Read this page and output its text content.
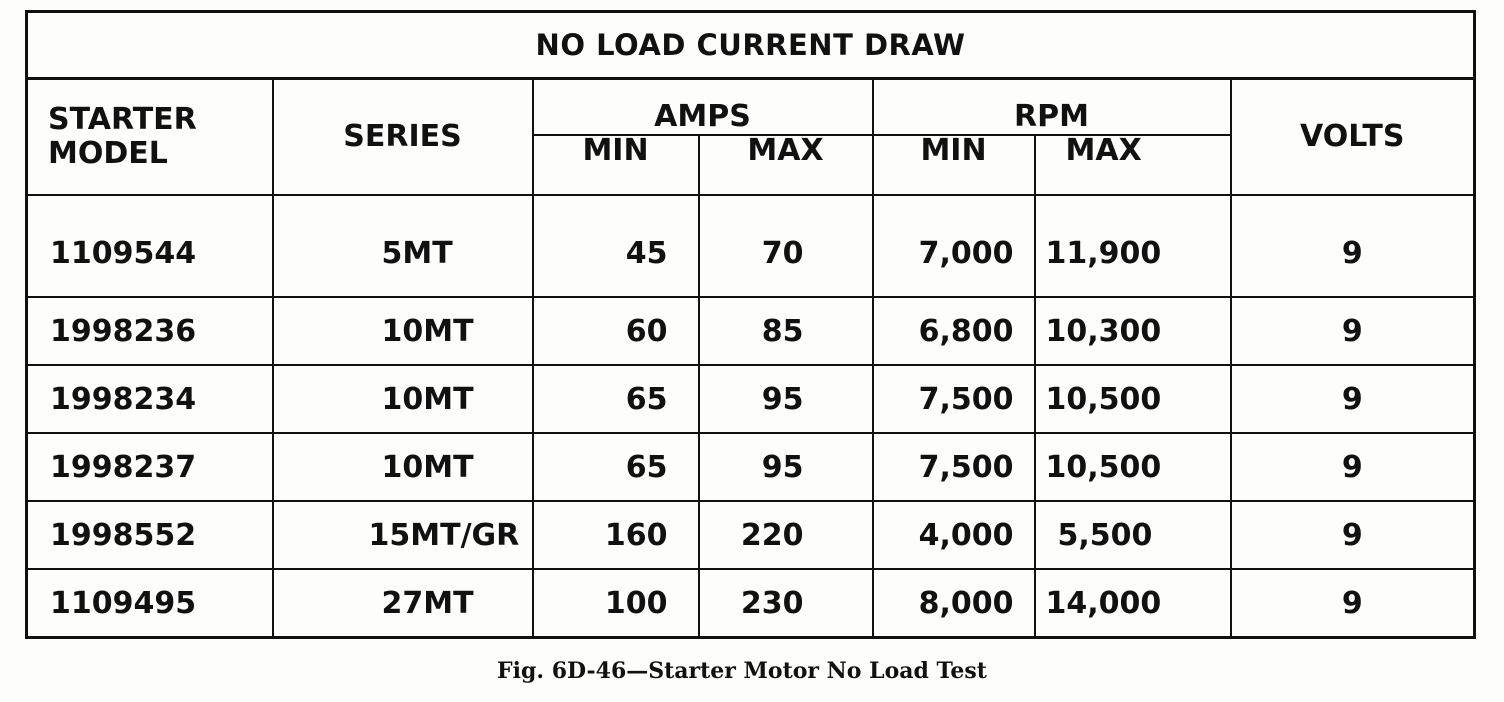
NO LOAD CURRENT DRAW						

STARTER
MODEL	SERIES	AMPS		RPM		VOLTS
		MIN	MAX	MIN	MAX	
1109544	5MT	45	70	7,000	11,900	9
1998236	10MT	60	85	6,800	10,300	9
1998234	10MT	65	95	7,500	10,500	9
1998237	10MT	65	95	7,500	10,500	9
1998552	15MT/GR	160	220	4,000	5,500	9
1109495	27MT	100	230	8,000	14,000	9
Fig. 6D-46—Starter Motor No Load Test
